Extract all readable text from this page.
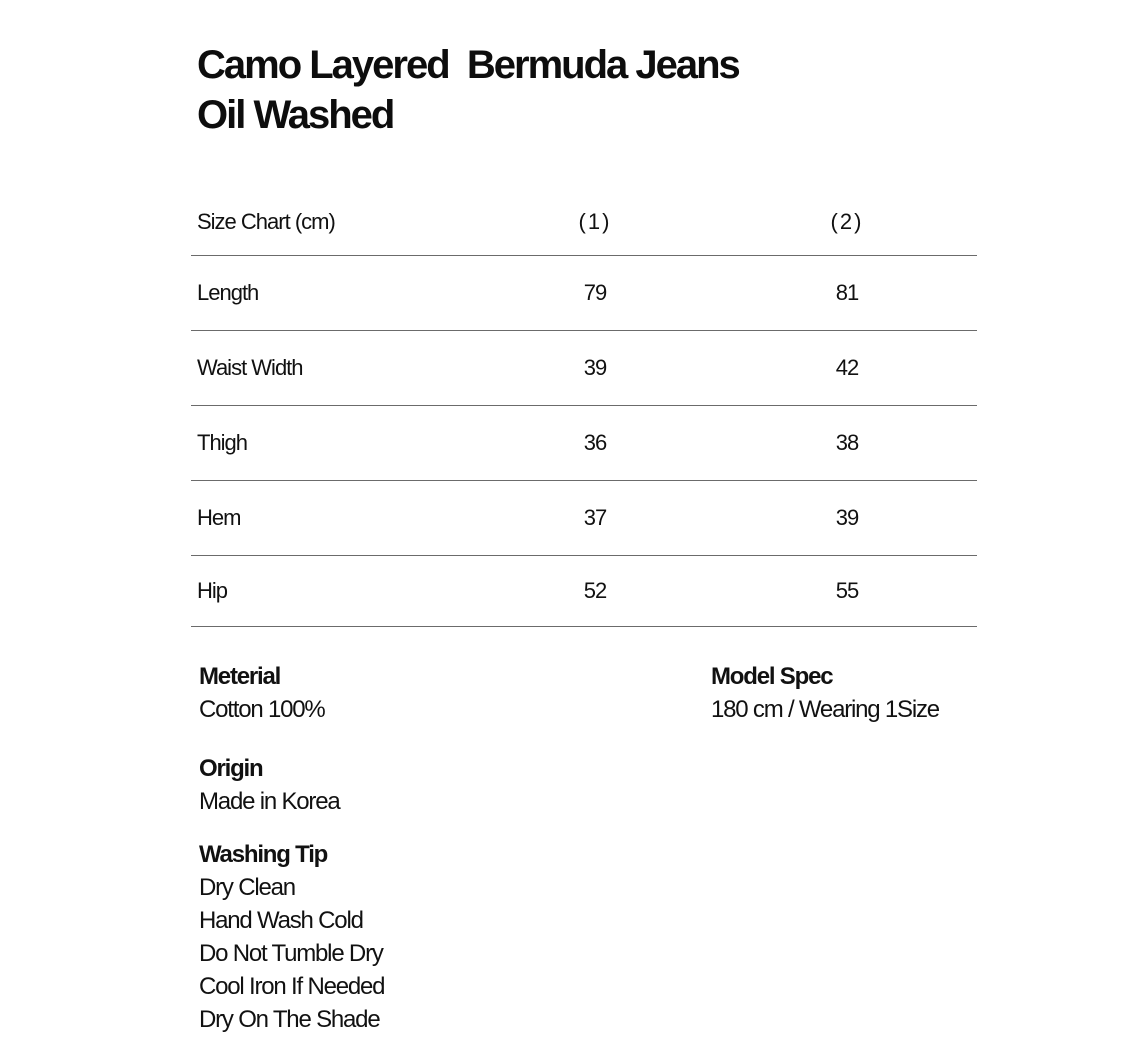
Camo Layered  Bermuda Jeans
Oil Washed
Size Chart (cm)	(1)	(2)
Length	79	81
Waist Width	39	42
Thigh	36	38
Hem	37	39
Hip	52	55
Meterial
Cotton 100%
Model Spec
180 cm / Wearing 1Size
Origin
Made in Korea
Washing Tip
Dry Clean
Hand Wash Cold
Do Not Tumble Dry
Cool Iron If Needed
Dry On The Shade
